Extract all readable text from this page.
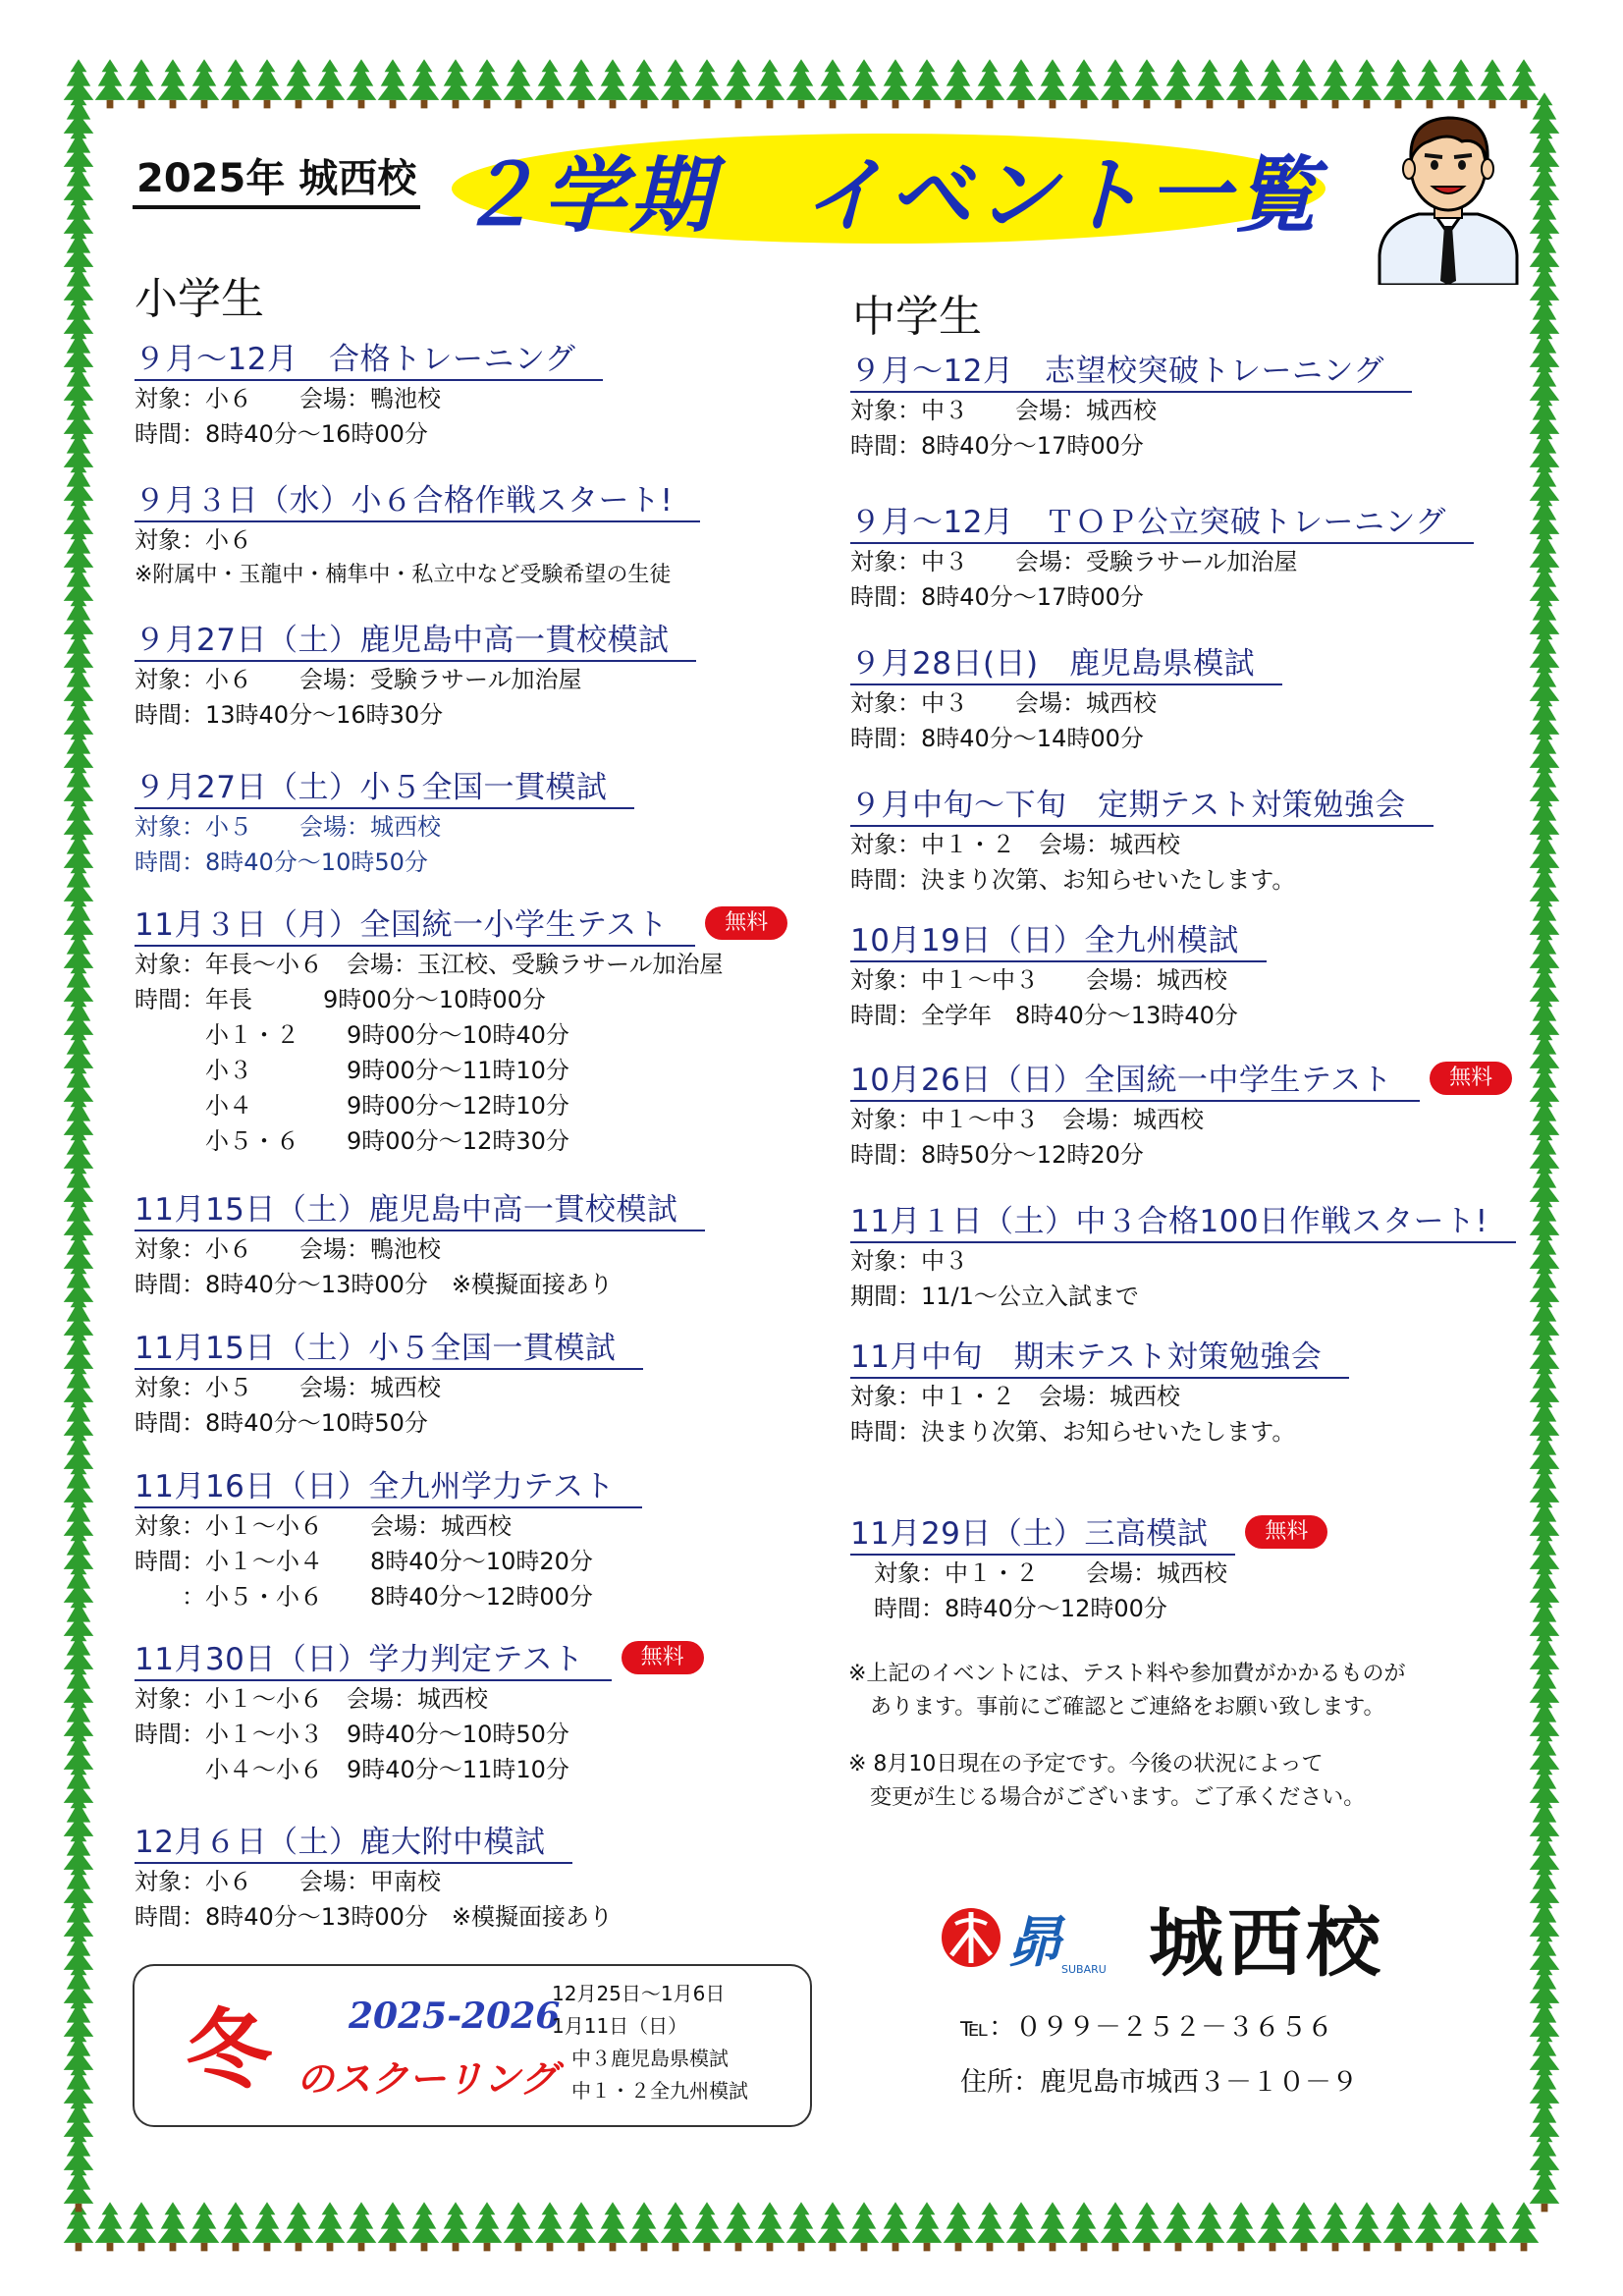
2025年 城西校 ２学期　イベント一覧
小学生	中学生
９月～12月　合格トレーニング
対象：小６　　会場：鴨池校
時間：8時40分～16時00分
９月３日（水）小６合格作戦スタート!
対象：小６
※附属中・玉龍中・楠隼中・私立中など受験希望の生徒
９月27日（土）鹿児島中高一貫校模試
対象：小６　　会場：受験ラサール加治屋
時間：13時40分～16時30分
９月27日（土）小５全国一貫模試
対象：小５　　会場：城西校
時間：8時40分～10時50分
11月３日（月）全国統一小学生テスト	無料
対象：年長～小６　会場：玉江校、受験ラサール加治屋
時間：年長　　　9時00分～10時00分
　　　小１・２　　9時00分～10時40分
　　　小３　　　　9時00分～11時10分
　　　小４　　　　9時00分～12時10分
　　　小５・６　　9時00分～12時30分
11月15日（土）鹿児島中高一貫校模試
対象：小６　　会場：鴨池校
時間：8時40分～13時00分　※模擬面接あり
11月15日（土）小５全国一貫模試
対象：小５　　会場：城西校
時間：8時40分～10時50分
11月16日（日）全九州学力テスト
対象：小１～小６　　会場：城西校
時間：小１～小４　　8時40分～10時20分
　　：小５・小６　　8時40分～12時00分
11月30日（日）学力判定テスト	無料
対象：小１～小６　会場：城西校
時間：小１～小３　9時40分～10時50分
　　　小４～小６　9時40分～11時10分
12月６日（土）鹿大附中模試
対象：小６　　会場：甲南校
時間：8時40分～13時00分　※模擬面接あり
９月～12月　志望校突破トレーニング
対象：中３　　会場：城西校
時間：8時40分～17時00分
９月～12月　ＴＯＰ公立突破トレーニング
対象：中３　　会場：受験ラサール加治屋
時間：8時40分～17時00分
９月28日(日)　鹿児島県模試
対象：中３　　会場：城西校
時間：8時40分～14時00分
９月中旬～下旬　定期テスト対策勉強会
対象：中１・２　会場：城西校
時間：決まり次第、お知らせいたします。
10月19日（日）全九州模試
対象：中１～中３　　会場：城西校
時間：全学年　8時40分～13時40分
10月26日（日）全国統一中学生テスト	無料
対象：中１～中３　会場：城西校
時間：8時50分～12時20分
11月１日（土）中３合格100日作戦スタート!
対象：中３
期間：11/1～公立入試まで
11月中旬　期末テスト対策勉強会
対象：中１・２　会場：城西校
時間：決まり次第、お知らせいたします。
11月29日（土）三高模試	無料
　対象：中１・２　　会場：城西校
　時間：8時40分～12時00分
※上記のイベントには、テスト料や参加費がかかるものが
　あります。事前にご確認とご連絡をお願い致します。
※ 8月10日現在の予定です。今後の状況によって
　変更が生じる場合がございます。ご了承ください。
冬 2025-2026
のスクーリング
12月25日～1月6日
1月11日（日）
　中３鹿児島県模試
　中１・２全九州模試
昴 SUBARU 城西校
℡：０９９－２５２－３６５６
住所：鹿児島市城西３－１０－９
